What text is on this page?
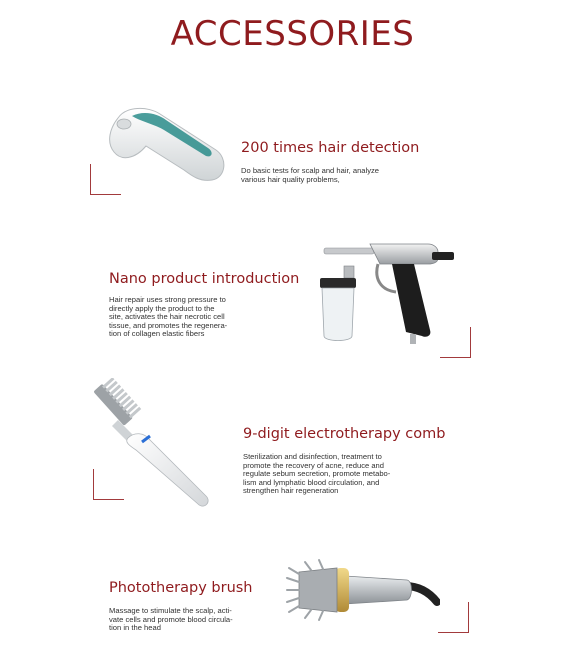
ACCESSORIES
200 times hair detection
Do basic tests for scalp and hair, analyze
various hair quality problems,
Nano product introduction
Hair repair uses strong pressure to
directly apply the product to the
site, activates the hair necrotic cell
tissue, and promotes the regenera-
tion of collagen elastic fibers
9-digit electrotherapy comb
Sterilization and disinfection, treatment to
promote the recovery of acne, reduce and
regulate sebum secretion, promote metabo-
lism and lymphatic blood circulation, and
strengthen hair regeneration
Phototherapy brush
Massage to stimulate the scalp, acti-
vate cells and promote blood circula-
tion in the head
